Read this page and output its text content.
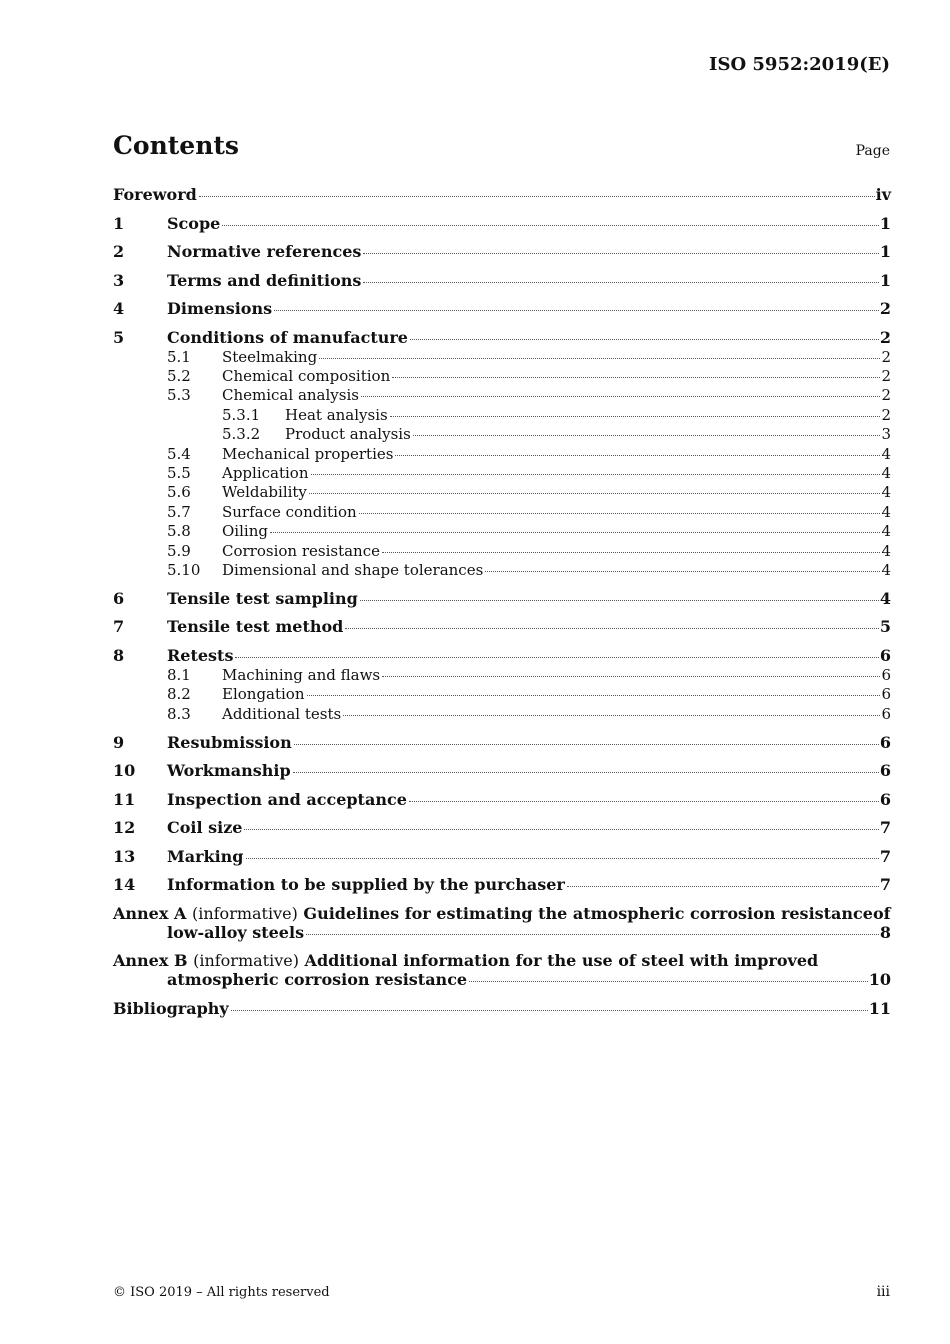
ISO 5952:2019(E)
Contents	Page
Foreword	iv
1	Scope	1
2	Normative references	1
3	Terms and definitions	1
4	Dimensions	2
5	Conditions of manufacture	2
5.1	Steelmaking	2
5.2	Chemical composition	2
5.3	Chemical analysis	2
5.3.1	Heat analysis	2
5.3.2	Product analysis	3
5.4	Mechanical properties	4
5.5	Application	4
5.6	Weldability	4
5.7	Surface condition	4
5.8	Oiling	4
5.9	Corrosion resistance	4
5.10	Dimensional and shape tolerances	4
6	Tensile test sampling	4
7	Tensile test method	5
8	Retests	6
8.1	Machining and flaws	6
8.2	Elongation	6
8.3	Additional tests	6
9	Resubmission	6
10	Workmanship	6
11	Inspection and acceptance	6
12	Coil size	7
13	Marking	7
14	Information to be supplied by the purchaser	7
Annex A (informative) Guidelines for estimating the atmospheric corrosion resistanceof
low-alloy steels	8
Annex B (informative) Additional information for the use of steel with improved
atmospheric corrosion resistance	10
Bibliography	11
© ISO 2019 – All rights reserved	iii
